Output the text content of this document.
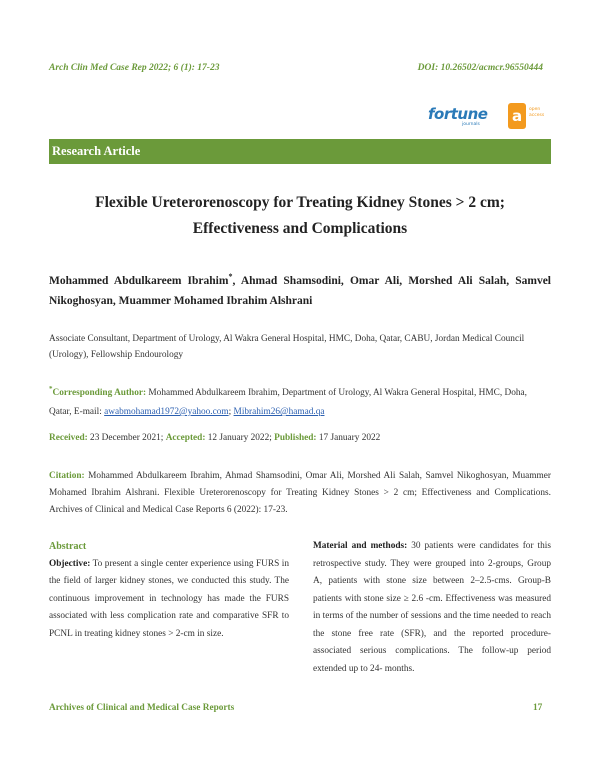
Arch Clin Med Case Rep 2022; 6 (1): 17-23	DOI: 10.26502/acmcr.96550444
fortune
journals a	open access
Research Article
Flexible Ureterorenoscopy for Treating Kidney Stones > 2 cm;
Effectiveness and Complications
Mohammed Abdulkareem Ibrahim*, Ahmad Shamsodini, Omar Ali, Morshed Ali Salah, Samvel Nikoghosyan, Muammer Mohamed Ibrahim Alshrani
Associate Consultant, Department of Urology, Al Wakra General Hospital, HMC, Doha, Qatar, CABU, Jordan Medical Council (Urology), Fellowship Endourology
*Corresponding Author: Mohammed Abdulkareem Ibrahim, Department of Urology, Al Wakra General Hospital, HMC, Doha, Qatar, E-mail: awabmohamad1972@yahoo.com; Mibrahim26@hamad.qa
Received: 23 December 2021; Accepted: 12 January 2022; Published: 17 January 2022
Citation: Mohammed Abdulkareem Ibrahim, Ahmad Shamsodini, Omar Ali, Morshed Ali Salah, Samvel Nikoghosyan, Muammer Mohamed Ibrahim Alshrani. Flexible Ureterorenoscopy for Treating Kidney Stones > 2 cm; Effectiveness and Complications. Archives of Clinical and Medical Case Reports 6 (2022): 17-23.
Abstract
Objective: To present a single center experience using FURS in the field of larger kidney stones, we conducted this study. The continuous improvement in technology has made the FURS associated with less complication rate and comparative SFR to PCNL in treating kidney stones > 2-cm in size.
Material and methods: 30 patients were candidates for this retrospective study. They were grouped into 2-groups, Group A, patients with stone size between 2–2.5-cms. Group-B patients with stone size ≥ 2.6 -cm. Effectiveness was measured in terms of the number of sessions and the time needed to reach the stone free rate (SFR), and the reported procedure- associated serious complications. The follow-up period extended up to 24- months.
Archives of Clinical and Medical Case Reports	17
